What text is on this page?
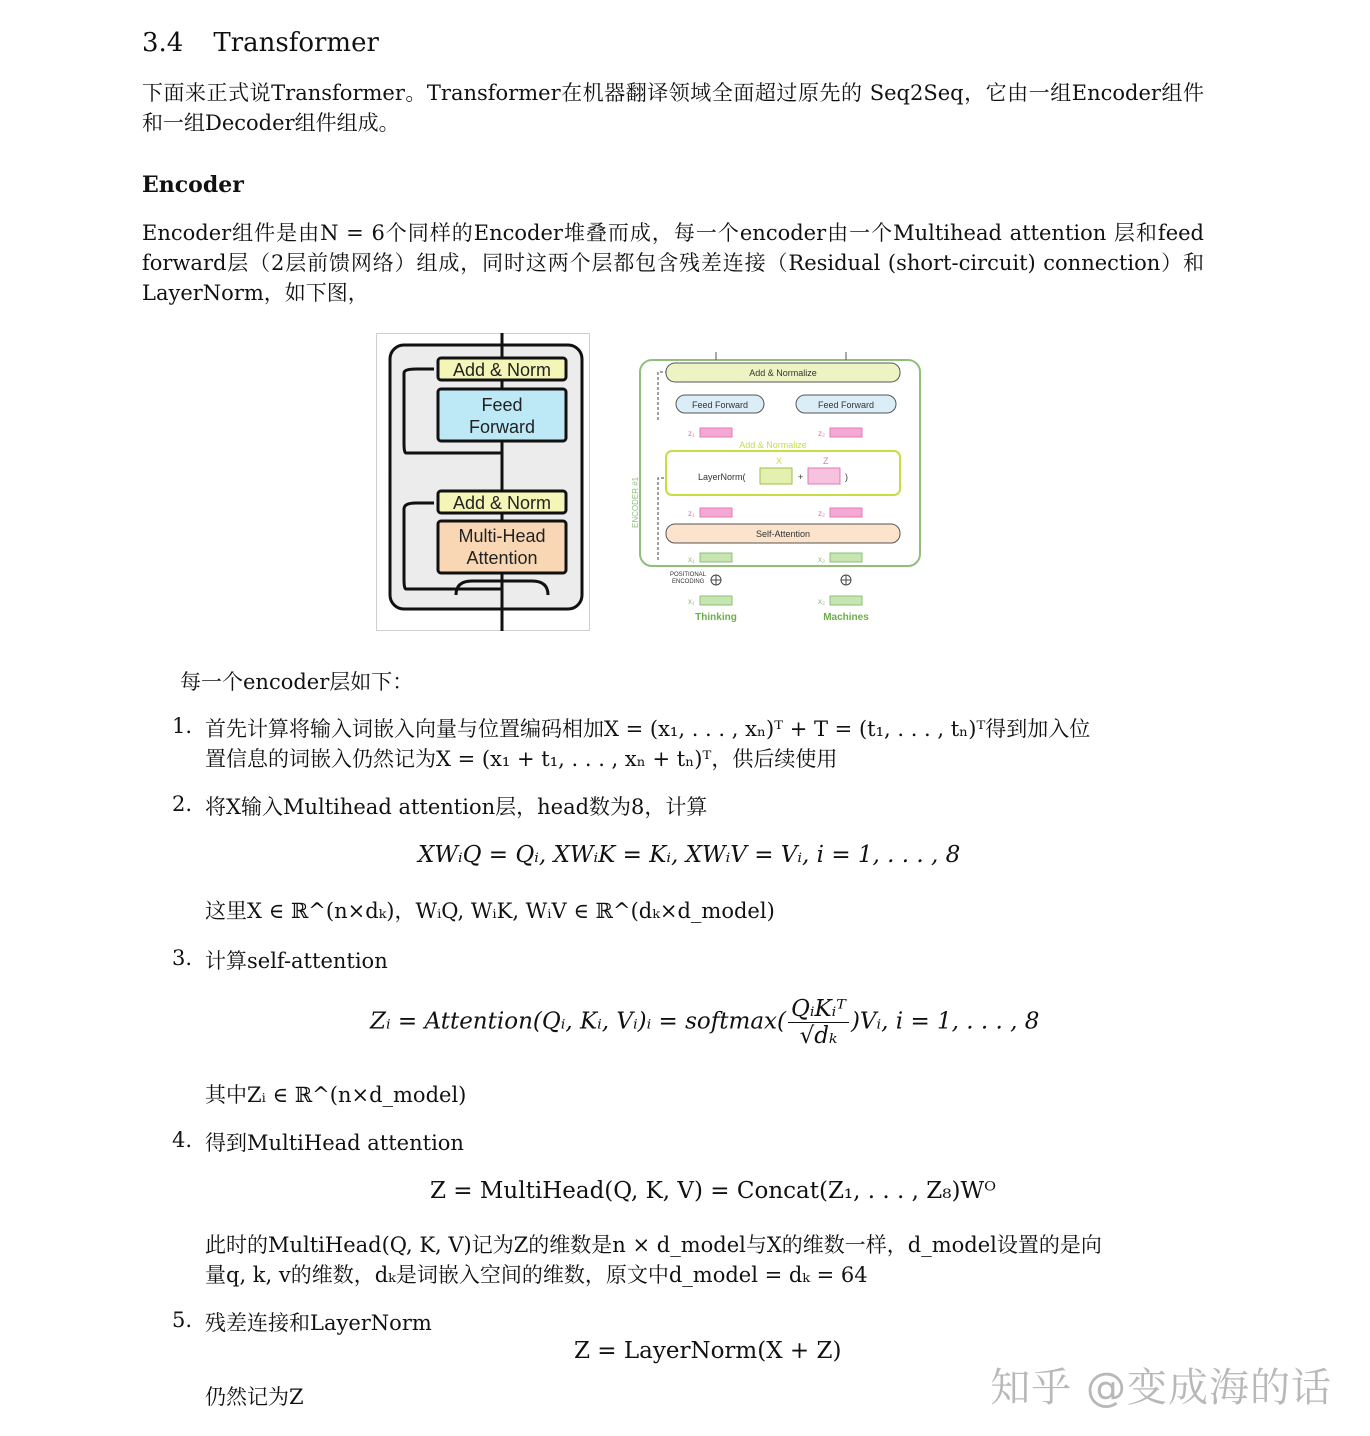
3.4 Transformer
下面来正式说Transformer。Transformer在机器翻译领域全面超过原先的 Seq2Seq，它由一组Encoder组件和一组Decoder组件组成。
Encoder
Encoder组件是由N = 6个同样的Encoder堆叠而成，每一个encoder由一个Multihead attention 层和feed forward层（2层前馈网络）组成，同时这两个层都包含残差连接（Residual (short-circuit) connection）和LayerNorm，如下图，
Add & Norm
Feed
Forward
Add & Norm
Multi-Head
Attention
ENCODER #1
Add & Normalize
Feed Forward	Feed Forward
z₁	z₂
Add & Normalize
LayerNorm(
X
+
Z
)
z₁	z₂
Self-Attention
x₁	x₂
POSITIONAL
ENCODING
x₁	x₂
Thinking	Machines
每一个encoder层如下：
1. 首先计算将输入词嵌入向量与位置编码相加X = (x₁, . . . , xₙ)ᵀ + T = (t₁, . . . , tₙ)ᵀ得到加入位
置信息的词嵌入仍然记为X = (x₁ + t₁, . . . , xₙ + tₙ)ᵀ，供后续使用
2. 将X输入Multihead attention层，head数为8，计算
XWᵢQ = Qᵢ, XWᵢK = Kᵢ, XWᵢV = Vᵢ, i = 1, . . . , 8
这里X ∈ ℝ^(n×dₖ)，WᵢQ, WᵢK, WᵢV ∈ ℝ^(dₖ×d_model)
3. 计算self-attention
Zᵢ = Attention(Qᵢ, Kᵢ, Vᵢ)ᵢ = softmax( $\frac{\text{QᵢKᵢᵀ}}{\text{√dₖ}}$ )Vᵢ, i = 1, . . . , 8
其中Zᵢ ∈ ℝ^(n×d_model)
4. 得到MultiHead attention
Z = MultiHead(Q, K, V) = Concat(Z₁, . . . , Z₈)Wᴼ
此时的MultiHead(Q, K, V)记为Z的维数是n × d_model与X的维数一样，d_model设置的是向
量q, k, v的维数，dₖ是词嵌入空间的维数，原文中d_model = dₖ = 64
5. 残差连接和LayerNorm
Z = LayerNorm(X + Z)
仍然记为Z	知乎 @变成海的话
